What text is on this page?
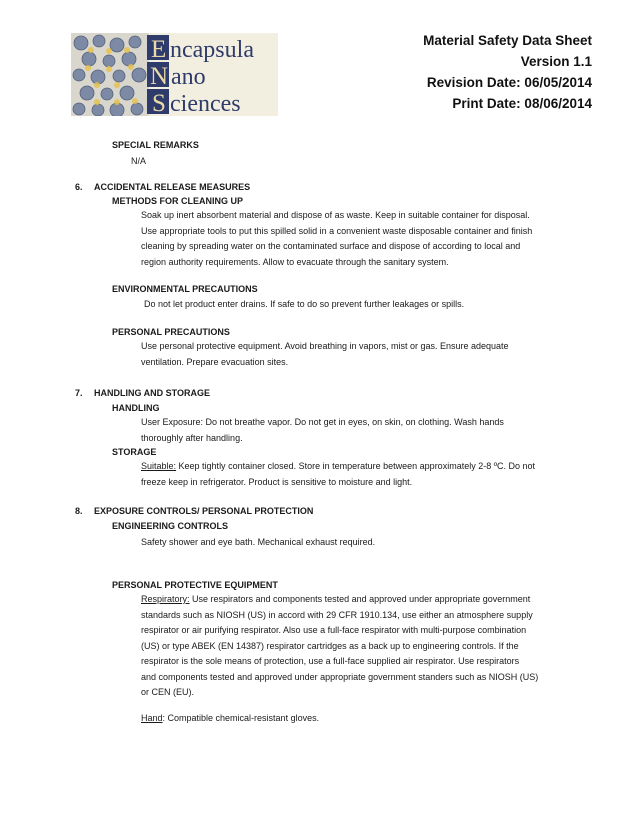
E
N
S
ncapsula
ano
ciences
Material Safety Data Sheet
Version 1.1
Revision Date: 06/05/2014
Print Date: 08/06/2014
SPECIAL REMARKS
N/A
6. ACCIDENTAL RELEASE MEASURES
METHODS FOR CLEANING UP
Soak up inert absorbent material and dispose of as waste. Keep in suitable container for disposal.
Use appropriate tools to put this spilled solid in a convenient waste disposable container and finish
cleaning by spreading water on the contaminated surface and dispose of according to local and
region authority requirements. Allow to evacuate through the sanitary system.
ENVIRONMENTAL PRECAUTIONS
Do not let product enter drains. If safe to do so prevent further leakages or spills.
PERSONAL PRECAUTIONS
Use personal protective equipment. Avoid breathing in vapors, mist or gas. Ensure adequate
ventilation. Prepare evacuation sites.
7. HANDLING AND STORAGE
HANDLING
User Exposure: Do not breathe vapor. Do not get in eyes, on skin, on clothing. Wash hands
thoroughly after handling.
STORAGE
Suitable: Keep tightly container closed. Store in temperature between approximately 2-8 ºC. Do not
freeze keep in refrigerator. Product is sensitive to moisture and light.
8. EXPOSURE CONTROLS/ PERSONAL PROTECTION
ENGINEERING CONTROLS
Safety shower and eye bath. Mechanical exhaust required.
PERSONAL PROTECTIVE EQUIPMENT
Respiratory: Use respirators and components tested and approved under appropriate government
standards such as NIOSH (US) in accord with 29 CFR 1910.134, use either an atmosphere supply
respirator or air purifying respirator. Also use a full-face respirator with multi-purpose combination
(US) or type ABEK (EN 14387) respirator cartridges as a back up to engineering controls. If the
respirator is the sole means of protection, use a full-face supplied air respirator. Use respirators
and components tested and approved under appropriate government standers such as NIOSH (US)
or CEN (EU).
Hand: Compatible chemical-resistant gloves.
